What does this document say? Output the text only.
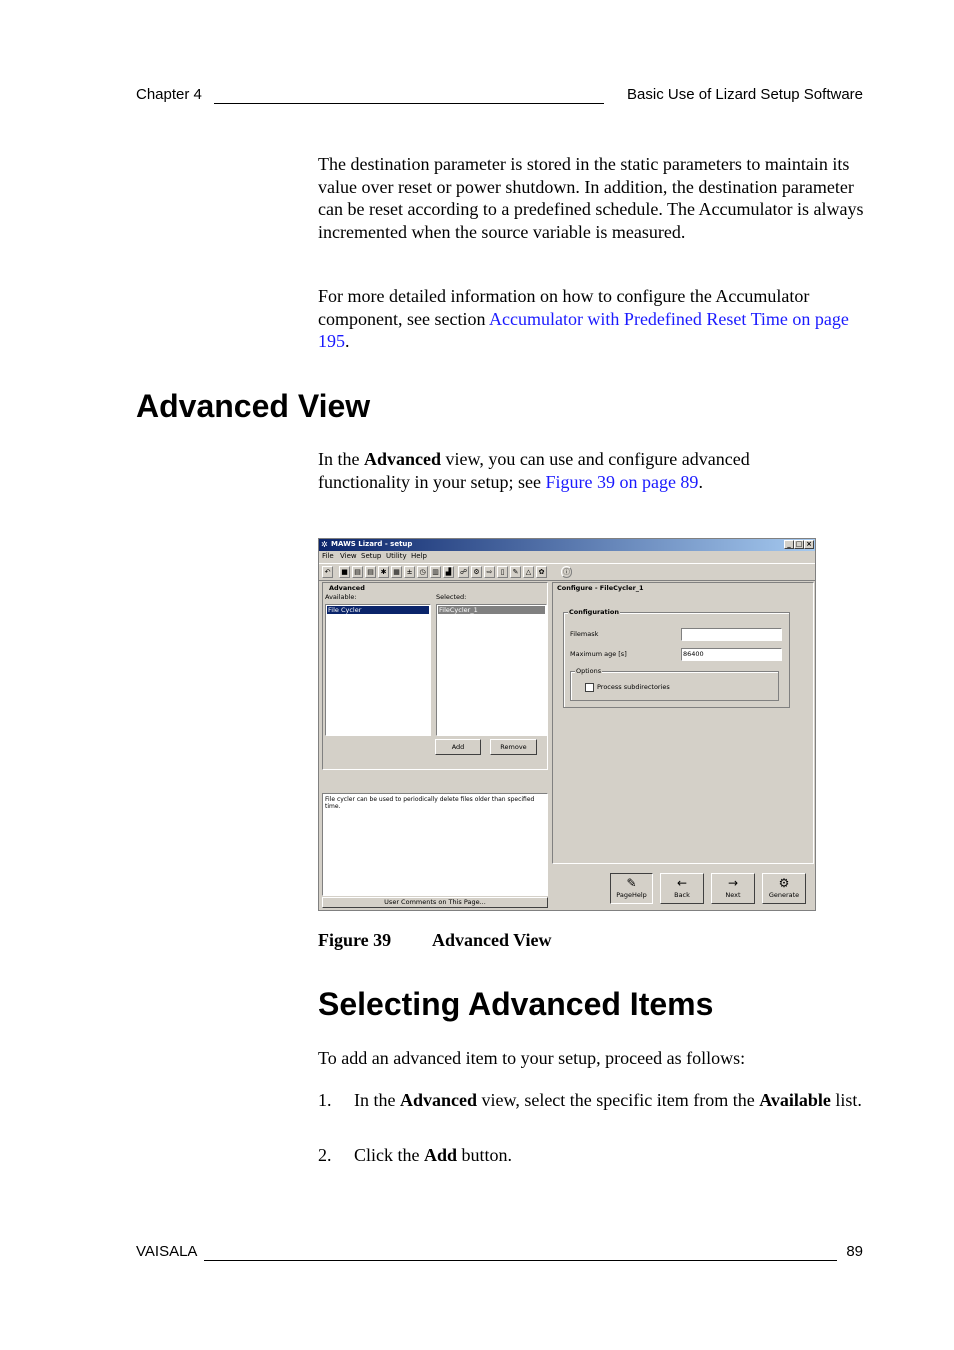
Chapter 4	Basic Use of Lizard Setup Software

The destination parameter is stored in the static parameters to maintain its value over reset or power shutdown. In addition, the destination parameter can be reset according to a predefined schedule. The Accumulator is always incremented when the source variable is measured.

For more detailed information on how to configure the Accumulator component, see section Accumulator with Predefined Reset Time on page 195.

Advanced View

In the Advanced view, you can use and configure advanced functionality in your setup; see Figure 39 on page 89.

✲ MAWS Lizard - setup	_ □ ×
File View Setup Utility Help
↶	■ ▤ ▤ ✱ ▦ ±	◷ ▥ ▟	☍ ⚙ ⇨	▯	✎	△	✿	ⓘ
Advanced
Available:	Selected:
File Cycler	FileCycler_1
Add	Remove
File cycler can be used to periodically delete files older than specified time.
User Comments on This Page...
Configure - FileCycler_1
Configuration
Filemask
Maximum age [s]	86400
Options
Process subdirectories
✎
PageHelp
←
Back
→
Next
⚙
Generate
Figure 39 Advanced View
Selecting Advanced Items

To add an advanced item to your setup, proceed as follows:

1. In the Advanced view, select the specific item from the Available list.
2. Click the Add button.
VAISALA	89
